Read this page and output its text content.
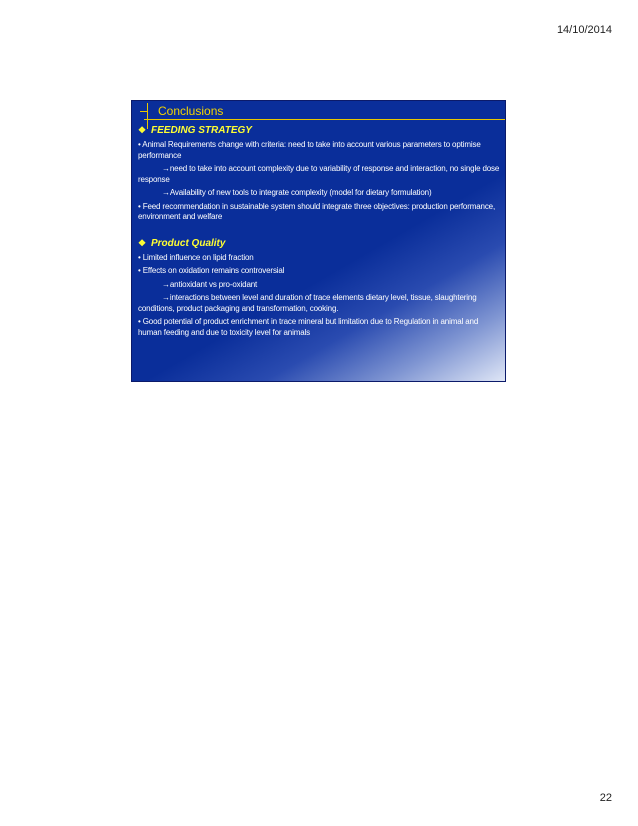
14/10/2014
Conclusions
❖ FEEDING STRATEGY
• Animal Requirements change with criteria: need to take into account various parameters to optimise performance
→need to take into account complexity due to variability of response and interaction, no single dose response
→Availability of new tools to integrate complexity (model for dietary formulation)
• Feed recommendation in sustainable system should integrate three objectives: production performance, environment and welfare
❖ Product Quality
• Limited influence on lipid fraction
• Effects on oxidation remains controversial
→antioxidant vs pro-oxidant
→interactions between level and duration of trace elements dietary level, tissue, slaughtering conditions, product packaging and transformation, cooking.
• Good potential of product enrichment in trace mineral but limitation due to Regulation in animal and human feeding and due to toxicity level for animals
22
